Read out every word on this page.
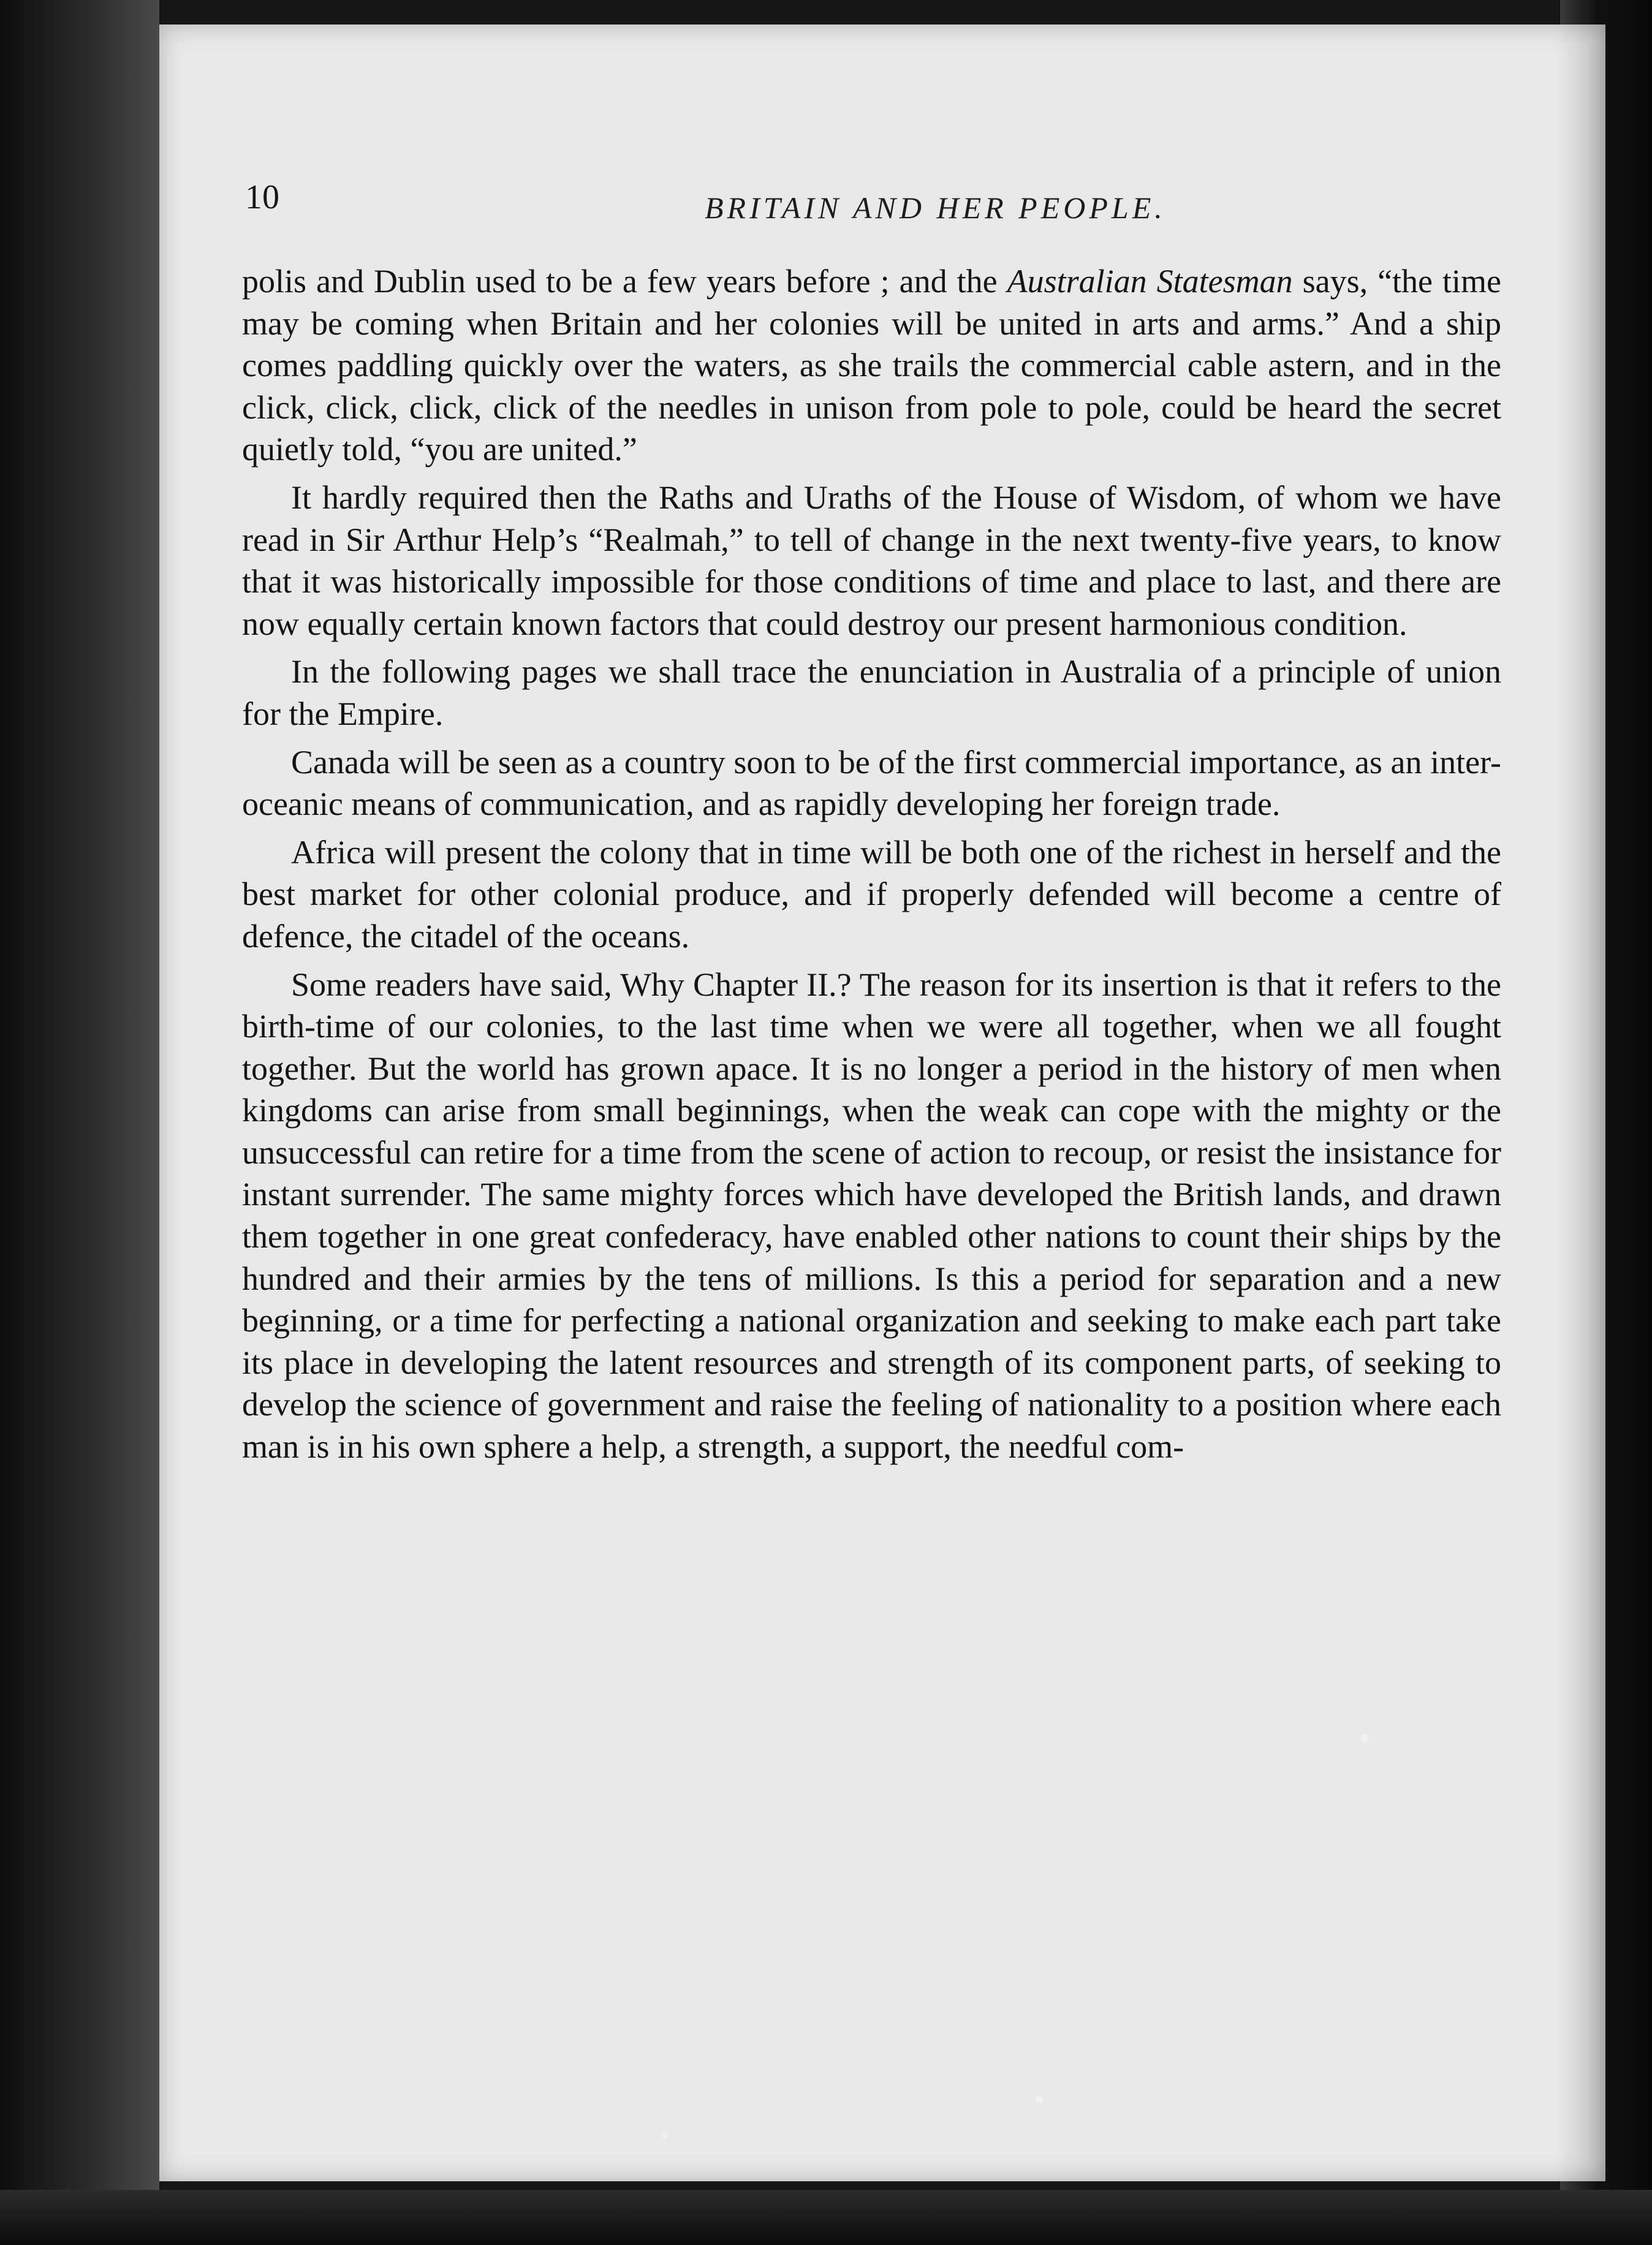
10	BRITAIN AND HER PEOPLE.

polis and Dublin used to be a few years before ; and the Australian Statesman says, “the time may be coming when Britain and her colonies will be united in arts and arms.” And a ship comes paddling quickly over the waters, as she trails the commercial cable astern, and in the click, click, click, click of the needles in unison from pole to pole, could be heard the secret quietly told, “you are united.”

It hardly required then the Raths and Uraths of the House of Wisdom, of whom we have read in Sir Arthur Help’s “Realmah,” to tell of change in the next twenty-five years, to know that it was historically impossible for those conditions of time and place to last, and there are now equally certain known factors that could destroy our present harmonious condition.

In the following pages we shall trace the enunciation in Australia of a principle of union for the Empire.

Canada will be seen as a country soon to be of the first commercial importance, as an inter-oceanic means of communication, and as rapidly developing her foreign trade.

Africa will present the colony that in time will be both one of the richest in herself and the best market for other colonial produce, and if properly defended will become a centre of defence, the citadel of the oceans.

Some readers have said, Why Chapter II.? The reason for its insertion is that it refers to the birth-time of our colonies, to the last time when we were all together, when we all fought together. But the world has grown apace. It is no longer a period in the history of men when kingdoms can arise from small beginnings, when the weak can cope with the mighty or the unsuccessful can retire for a time from the scene of action to recoup, or resist the insistance for instant surrender. The same mighty forces which have developed the British lands, and drawn them together in one great confederacy, have enabled other nations to count their ships by the hundred and their armies by the tens of millions. Is this a period for separation and a new beginning, or a time for perfecting a national organization and seeking to make each part take its place in developing the latent resources and strength of its component parts, of seeking to develop the science of government and raise the feeling of nationality to a position where each man is in his own sphere a help, a strength, a support, the needful com-
